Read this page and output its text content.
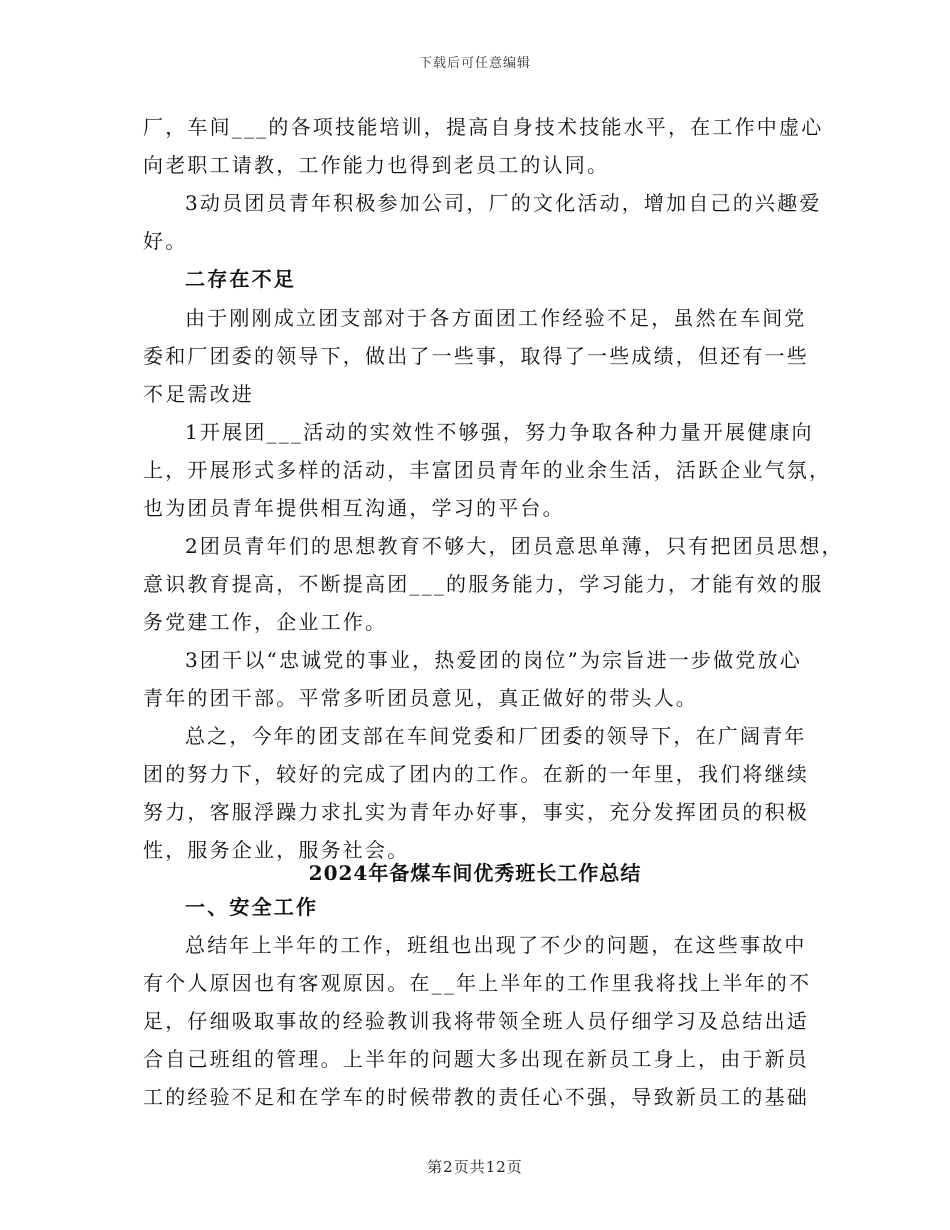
下载后可任意编辑
厂，车间___的各项技能培训，提高自身技术技能水平，在工作中虚心
向老职工请教，工作能力也得到老员工的认同。
3动员团员青年积极参加公司，厂的文化活动，增加自己的兴趣爱
好。
二存在不足
由于刚刚成立团支部对于各方面团工作经验不足，虽然在车间党
委和厂团委的领导下，做出了一些事，取得了一些成绩，但还有一些
不足需改进
1开展团___活动的实效性不够强，努力争取各种力量开展健康向
上，开展形式多样的活动，丰富团员青年的业余生活，活跃企业气氛，
也为团员青年提供相互沟通，学习的平台。
2团员青年们的思想教育不够大，团员意思单薄，只有把团员思想，
意识教育提高，不断提高团___的服务能力，学习能力，才能有效的服
务党建工作，企业工作。
3团干以“忠诚党的事业，热爱团的岗位”为宗旨进一步做党放心
青年的团干部。平常多听团员意见，真正做好的带头人。
总之，今年的团支部在车间党委和厂团委的领导下，在广阔青年
团的努力下，较好的完成了团内的工作。在新的一年里，我们将继续
努力，客服浮躁力求扎实为青年办好事，事实，充分发挥团员的积极
性，服务企业，服务社会。
2024年备煤车间优秀班长工作总结
一、安全工作
总结年上半年的工作，班组也出现了不少的问题，在这些事故中
有个人原因也有客观原因。在__年上半年的工作里我将找上半年的不
足，仔细吸取事故的经验教训我将带领全班人员仔细学习及总结出适
合自己班组的管理。上半年的问题大多出现在新员工身上，由于新员
工的经验不足和在学车的时候带教的责任心不强，导致新员工的基础
第2页共12页
